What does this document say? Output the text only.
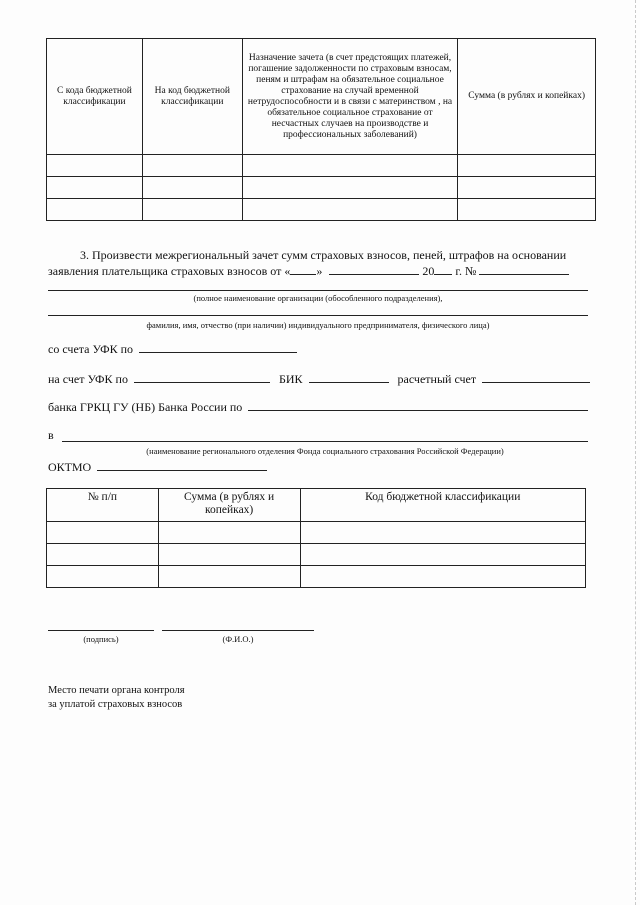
С кода бюджетной классификации	На код бюджетной классификации	Назначение зачета (в счет предстоящих платежей, погашение задолженности по страховым взносам, пеням и штрафам на обязательное социальное страхование на случай временной нетрудоспособности и в связи с материнством , на обязательное социальное страхование от несчастных случаев на производстве и профессиональных заболеваний)	Сумма (в рублях и копейках)

3. Произвести межрегиональный зачет сумм страховых взносов, пеней, штрафов на основании
заявления плательщика страховых взносов от « »	20 г. №
(полное наименование организации (обособленного подразделения),
фамилия, имя, отчество (при наличии) индивидуального предпринимателя, физического лица)
со счета УФК по
на счет УФК по	БИК	расчетный счет
банка ГРКЦ ГУ (НБ) Банка России по
в
(наименование регионального отделения Фонда социального страхования Российской Федерации)
ОКТМО
№ п/п	Сумма (в рублях и копейках)	Код бюджетной классификации

(подпись)	(Ф.И.О.)
Место печати органа контроля
за уплатой страховых взносов
